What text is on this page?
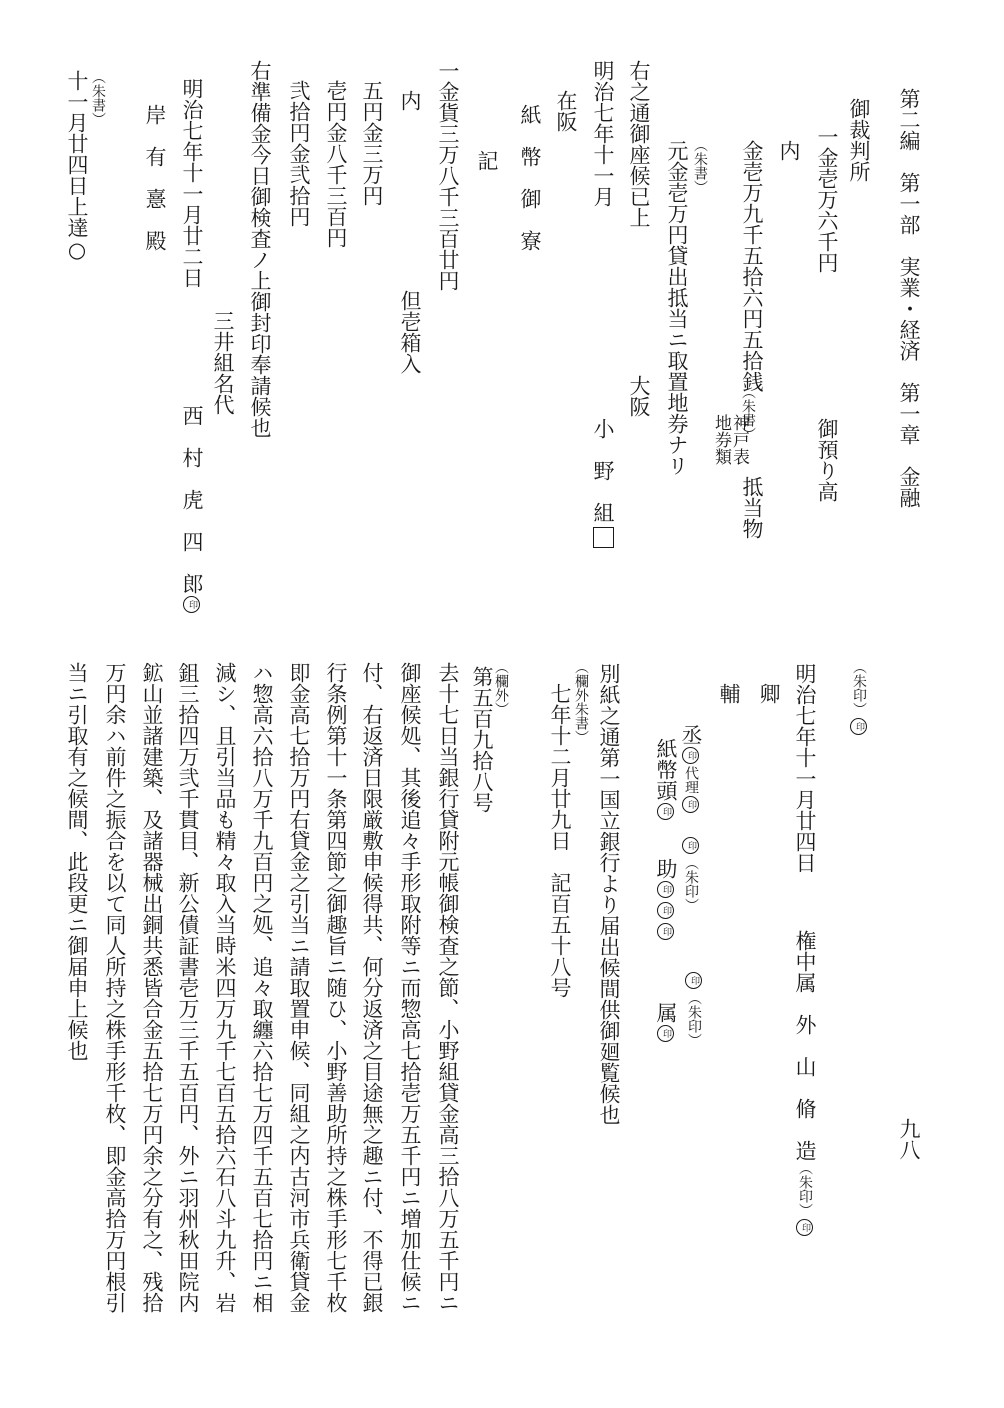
第二編　第一部　実業・経済　第一章　金融
九八
御裁判所
一金壱万六千円
御預り高
内
金壱万九千五拾六円五拾銭
（朱書）
神戸表
地券類
抵当物
（朱書）
元金壱万円貸出抵当ニ取置地券ナリ
右之通御座候已上
大阪
明治七年十一月
小　野　組
在阪
紙　幣　御　寮
記
一金貨三万八千三百廿円
内
但壱箱入
五円金三万円
壱円金八千三百円
弐拾円金弐拾円
右準備金今日御検査ノ上御封印奉請候也
三井組名代
明治七年十一月廿二日
西　村　虎　四　郎印
岸　有　憙　殿
（朱書）
十一月廿四日上達○
（朱印）印
明治七年十一月廿四日
権中属　外　山　脩　造（朱印）印
卿
輔
丞印代理印印（朱印）
印（朱印）
紙幣頭印
助印印印
属印
別紙之通第一国立銀行より届出候間供御廻覧候也
（欄外朱書）
七年十二月廿九日　記百五十八号
（欄外）
第五百九拾八号
去十七日当銀行貸附元帳御検査之節、小野組貸金高三拾八万五千円ニ
御座候処、其後追々手形取附等ニ而惣高七拾壱万五千円ニ増加仕候ニ
付、右返済日限厳敷申候得共、何分返済之目途無之趣ニ付、不得已銀
行条例第十一条第四節之御趣旨ニ随ひ、小野善助所持之株手形七千枚
即金高七拾万円右貸金之引当ニ請取置申候、同組之内古河市兵衛貸金
ハ惣高六拾八万千九百円之処、追々取纏六拾七万四千五百七拾円ニ相
減シ、且引当品も精々取入当時米四万九千七百五拾六石八斗九升、岩
鉏三拾四万弐千貫目、新公債証書壱万三千五百円、外ニ羽州秋田院内
鉱山並諸建築、及諸器械出銅共悉皆合金五拾七万円余之分有之、残拾
万円余ハ前件之振合を以て同人所持之株手形千枚、即金高拾万円根引
当ニ引取有之候間、此段更ニ御届申上候也
